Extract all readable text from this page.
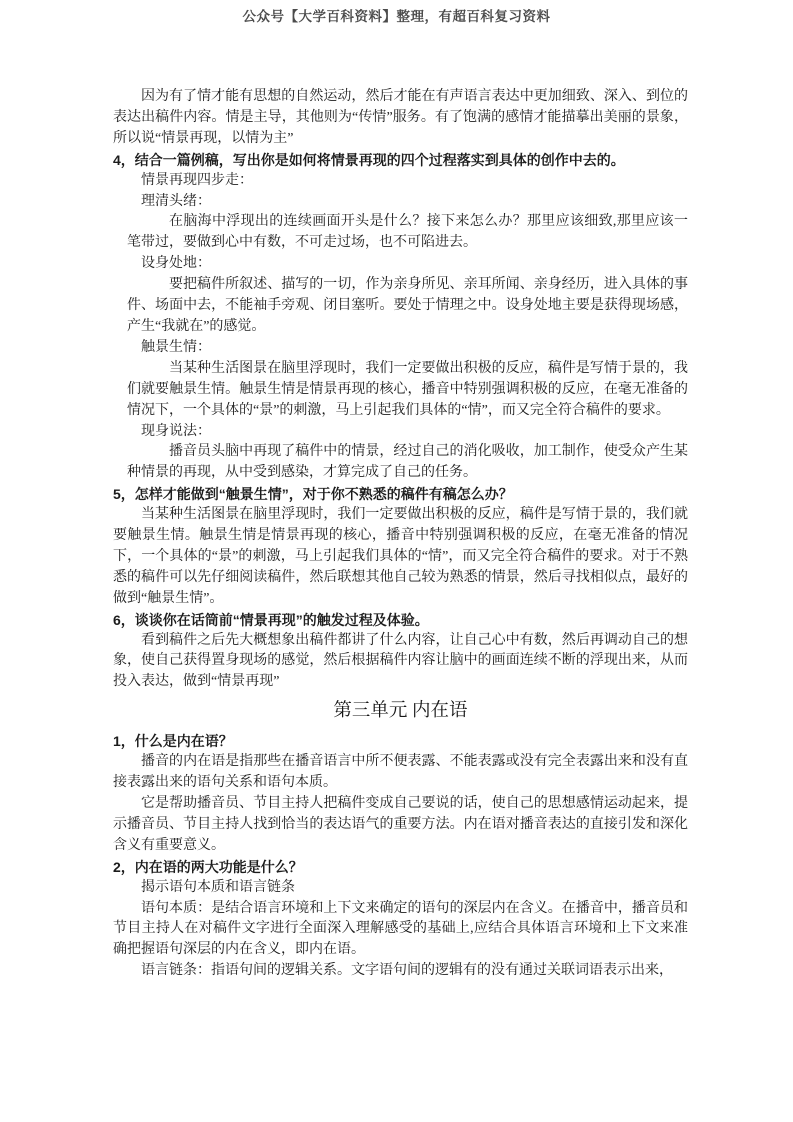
公众号【大学百科资料】整理，有超百科复习资料

因为有了情才能有思想的自然运动，然后才能在有声语言表达中更加细致、深入、到位的表达出稿件内容。情是主导，其他则为“传情”服务。有了饱满的感情才能描摹出美丽的景象，所以说“情景再现，以情为主”

4，结合一篇例稿，写出你是如何将情景再现的四个过程落实到具体的创作中去的。

情景再现四步走：

理清头绪：

在脑海中浮现出的连续画面开头是什么？接下来怎么办？那里应该细致,那里应该一笔带过，要做到心中有数，不可走过场，也不可陷进去。

设身处地：

要把稿件所叙述、描写的一切，作为亲身所见、亲耳所闻、亲身经历，进入具体的事件、场面中去，不能袖手旁观、闭目塞听。要处于情理之中。设身处地主要是获得现场感，产生“我就在”的感觉。

触景生情：

当某种生活图景在脑里浮现时，我们一定要做出积极的反应，稿件是写情于景的，我们就要触景生情。触景生情是情景再现的核心，播音中特别强调积极的反应，在毫无准备的情况下，一个具体的“景”的刺激，马上引起我们具体的“情”，而又完全符合稿件的要求。

现身说法：

播音员头脑中再现了稿件中的情景，经过自己的消化吸收，加工制作，使受众产生某种情景的再现，从中受到感染，才算完成了自己的任务。

5，怎样才能做到“触景生情”，对于你不熟悉的稿件有稿怎么办？

当某种生活图景在脑里浮现时，我们一定要做出积极的反应，稿件是写情于景的，我们就要触景生情。触景生情是情景再现的核心，播音中特别强调积极的反应，在毫无准备的情况下，一个具体的“景”的刺激，马上引起我们具体的“情”，而又完全符合稿件的要求。对于不熟悉的稿件可以先仔细阅读稿件，然后联想其他自己较为熟悉的情景，然后寻找相似点，最好的做到“触景生情”。

6，谈谈你在话筒前“情景再现”的触发过程及体验。

看到稿件之后先大概想象出稿件都讲了什么内容，让自己心中有数，然后再调动自己的想象，使自己获得置身现场的感觉，然后根据稿件内容让脑中的画面连续不断的浮现出来，从而投入表达，做到“情景再现”

第三单元 内在语

1，什么是内在语？

播音的内在语是指那些在播音语言中所不便表露、不能表露或没有完全表露出来和没有直接表露出来的语句关系和语句本质。

它是帮助播音员、节目主持人把稿件变成自己要说的话，使自己的思想感情运动起来，提示播音员、节目主持人找到恰当的表达语气的重要方法。内在语对播音表达的直接引发和深化含义有重要意义。

2，内在语的两大功能是什么？

揭示语句本质和语言链条

语句本质：是结合语言环境和上下文来确定的语句的深层内在含义。在播音中，播音员和节目主持人在对稿件文字进行全面深入理解感受的基础上,应结合具体语言环境和上下文来准确把握语句深层的内在含义，即内在语。

语言链条：指语句间的逻辑关系。文字语句间的逻辑有的没有通过关联词语表示出来，
